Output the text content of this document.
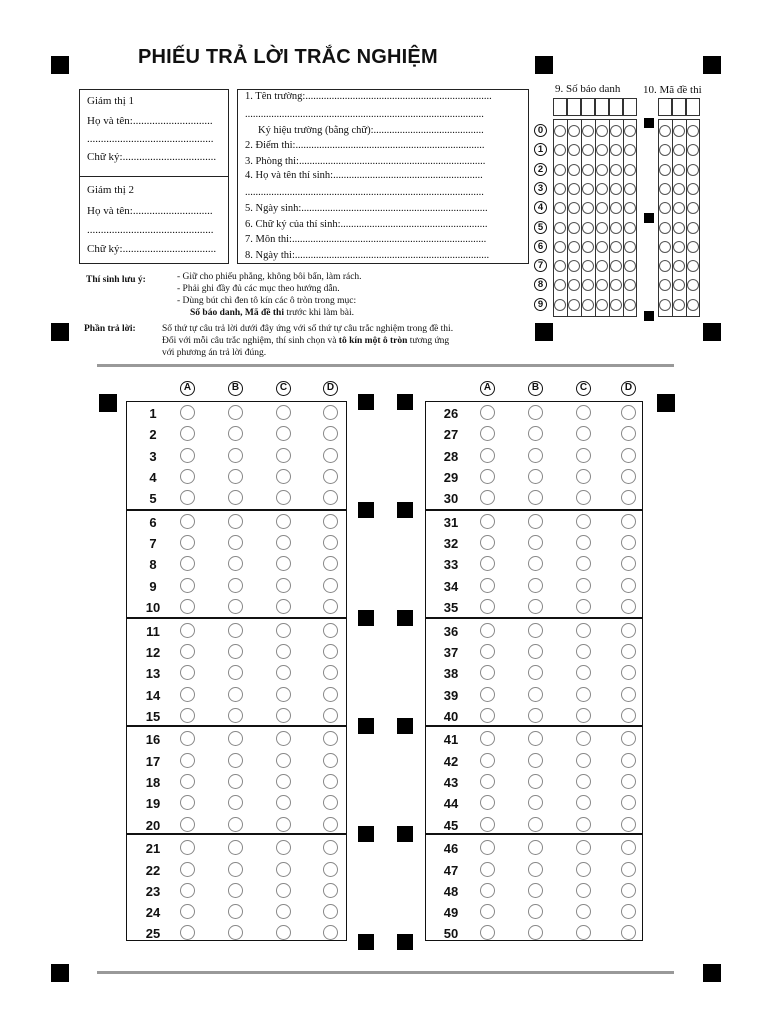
PHIẾU TRẢ LỜI TRẮC NGHIỆM
Giám thị 1
Họ và tên:.............................
..............................................
Chữ ký:..................................
Giám thị 2
Họ và tên:.............................
..............................................
Chữ ký:..................................
1. Tên trường:.......................................................................
...........................................................................................
Ký hiệu trường (bằng chữ):..........................................
2. Điểm thi:........................................................................
3. Phòng thi:.......................................................................
4. Họ và tên thí sinh:.........................................................
...........................................................................................
5. Ngày sinh:.......................................................................
6. Chữ ký của thí sinh:........................................................
7. Môn thi:..........................................................................
8. Ngày thi:..........................................................................
9. Số báo danh 10. Mã đề thi
0
1
2
3
4
5
6
7
8
9
Thí sinh lưu ý:	- Giữ cho phiếu phẳng, không bôi bẩn, làm rách.
- Phải ghi đầy đủ các mục theo hướng dẫn.
- Dùng bút chì đen tô kín các ô tròn trong mục:
Số báo danh, Mã đề thi trước khi làm bài.
Phần trả lời:	Số thứ tự câu trả lời dưới đây ứng với số thứ tự câu trắc nghiệm trong đề thi.
Đối với mỗi câu trắc nghiệm, thí sinh chọn và tô kín một ô tròn tương ứng
với phương án trả lời đúng.
A	B	C	D
1
2
3
4
5
6
7
8
9
10
11
12
13
14
15
16
17
18
19
20
21
22
23
24
25
A	B	C	D
26
27
28
29
30
31
32
33
34
35
36
37
38
39
40
41
42
43
44
45
46
47
48
49
50
